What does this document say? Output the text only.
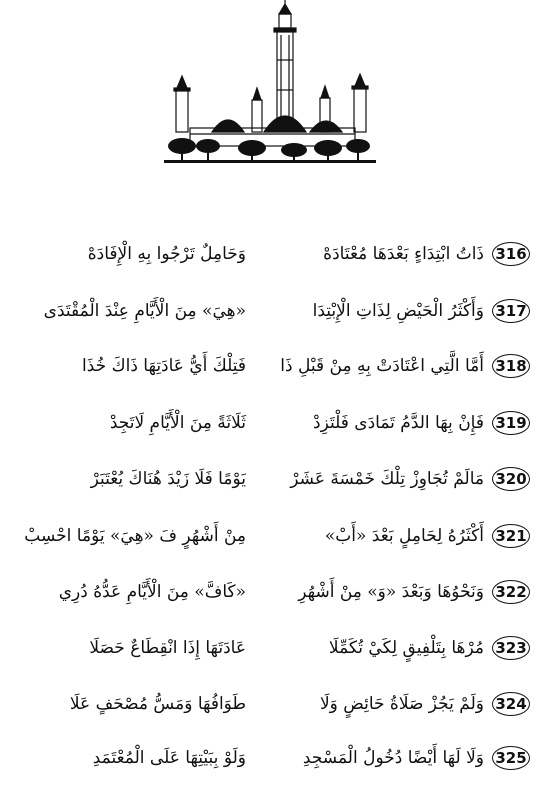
316
ذَاتُ ابْتِدَاءٍ بَعْدَهَا مُعْتَادَهْ
وَحَامِلٌ تَرْجُوا بِهِ الْإِفَادَهْ
317
وَأَكْثَرُ الْحَيْضِ لِذَاتِ الْإِبْتِدَا
«هِيَ» مِنَ الْأَيَّامِ عِنْدَ الْمُقْتَدَى
318
أَمَّا الَّتِي اعْتَادَتْ بِهِ مِنْ قَبْلِ ذَا
فَتِلْكَ أَيُّ عَادَتِهَا ذَاكَ خُذَا
319
فَإِنْ بِهَا الدَّمُ تَمَادَى فَلْتَزِدْ
ثَلَاثَةً مِنَ الْأَيَّامِ لَاتَجِدْ
320
مَالَمْ تُجَاوِزْ تِلْكَ خَمْسَةَ عَشَرْ
يَوْمًا فَلَا زَيْدَ هُنَاكَ يُعْتَبَرْ
321
أَكْثَرُهُ لِحَامِلٍ بَعْدَ «أَبْ»
مِنْ أَشْهُرٍ فَ «هِيَ» يَوْمًا احْسِبْ
322
وَنَحْوُهَا وَبَعْدَ «وَ» مِنْ أَشْهُرِ
«كَافَّ» مِنَ الْأَيَّامِ عَدُّهُ دُرِي
323
مُرْهَا بِتَلْفِيقٍ لِكَيْ تُكَمِّلَا
عَادَتَهَا إِذَا انْقِطَاعٌ حَصَلَا
324
وَلَمْ يَجُزْ صَلَاةُ حَائِضٍ وَلَا
طَوَافُهَا وَمَسُّ مُصْحَفٍ عَلَا
325
وَلَا لَهَا أَيْضًا دُخُولُ الْمَسْجِدِ
وَلَوْ بِبَيْتِهَا عَلَى الْمُعْتَمَدِ
